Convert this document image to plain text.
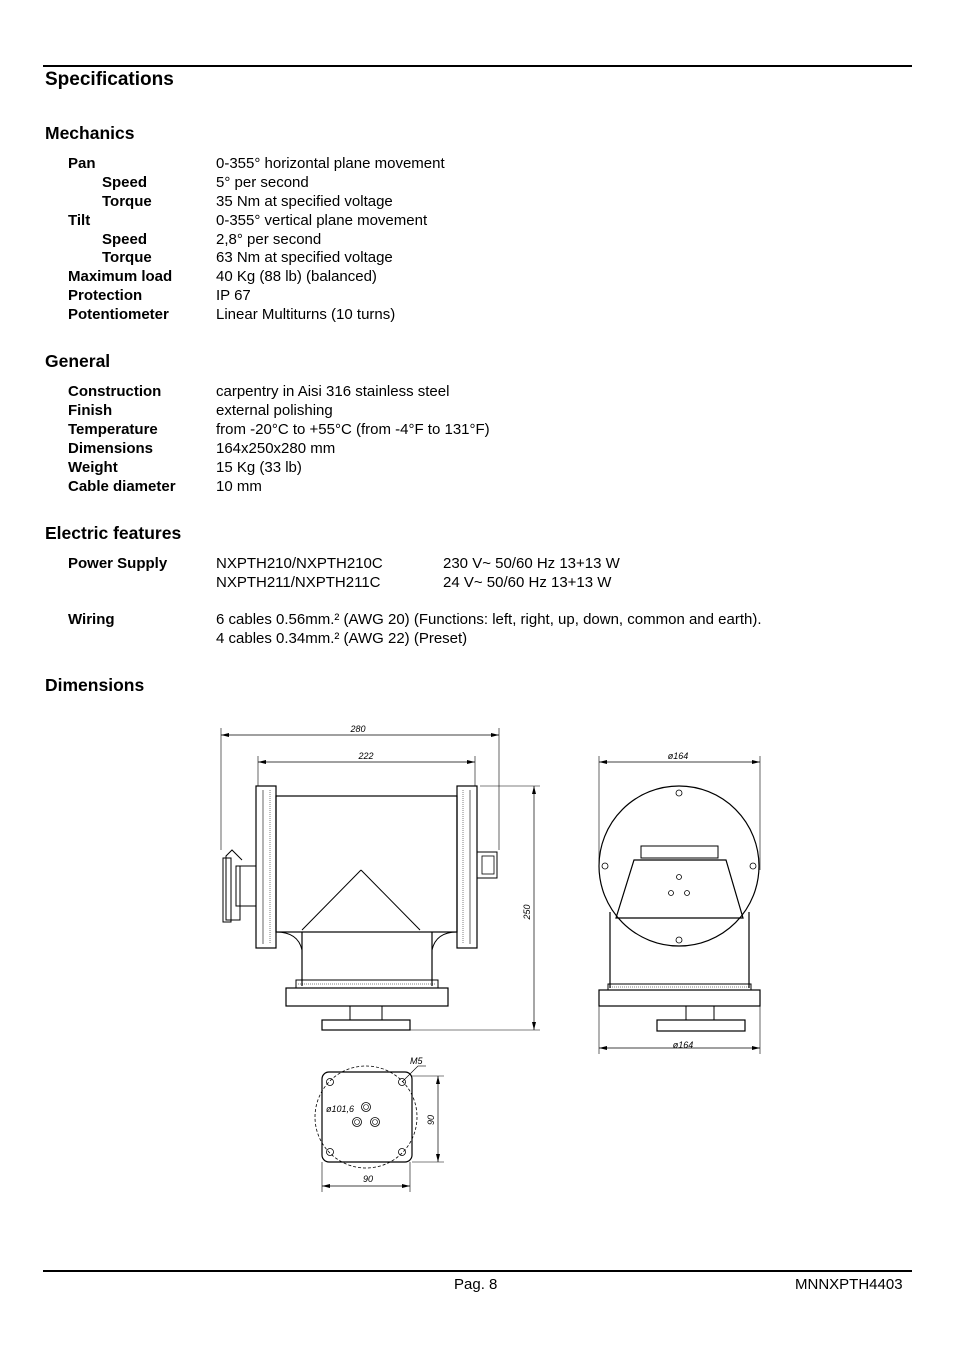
Specifications
Mechanics
Pan	0-355° horizontal plane movement
Speed	5° per second
Torque	35 Nm at specified voltage
Tilt	0-355° vertical plane movement
Speed	2,8° per second
Torque	63 Nm at specified voltage
Maximum load	40 Kg (88 lb) (balanced)
Protection	IP 67
Potentiometer	Linear Multiturns (10 turns)
General
Construction	carpentry in Aisi 316 stainless steel
Finish	external polishing
Temperature	from -20°C to +55°C (from -4°F to 131°F)
Dimensions	164x250x280 mm
Weight	15 Kg (33 lb)
Cable diameter	10 mm
Electric features
Power Supply	NXPTH210/NXPTH210C	230 V~ 50/60 Hz 13+13 W
NXPTH211/NXPTH211C	24 V~ 50/60 Hz 13+13 W
Wiring	6 cables 0.56mm.² (AWG 20) (Functions: left, right, up, down, common and earth).
4 cables 0.34mm.² (AWG 22) (Preset)
Dimensions
280
222
250
ø164
ø164
M5
ø101,6
90
90
Pag. 8	MNNXPTH4403
